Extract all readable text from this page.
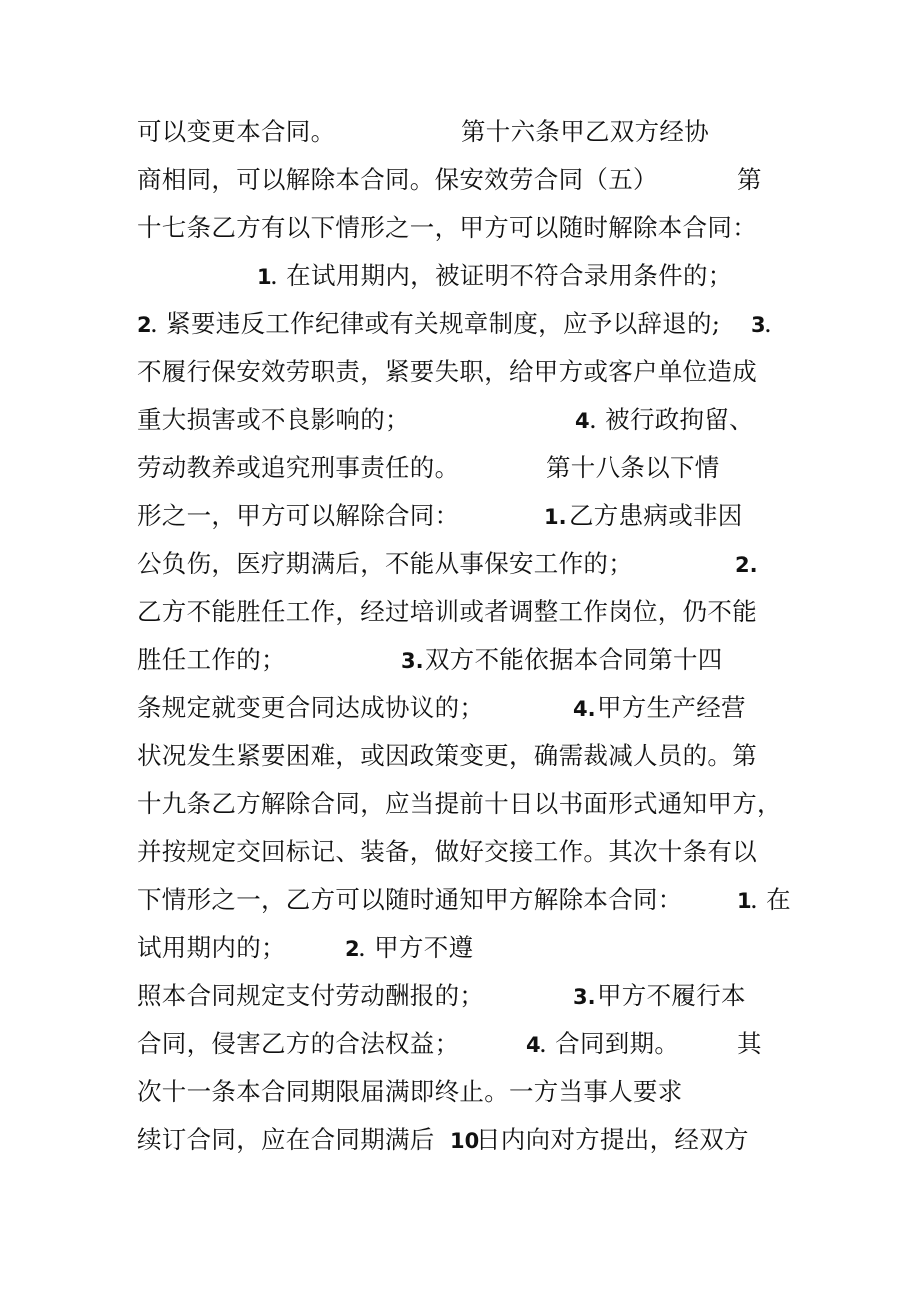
可以变更本合同。	第十六条甲乙双方经协
商相同，可以解除本合同。保安效劳合同（五）	第
十七条乙方有以下情形之一，甲方可以随时解除本合同：
1
. 在试用期内，被证明不符合录用条件的；
2
. 紧要违反工作纪律或有关规章制度，应予以辞退的; 3
.
不履行保安效劳职责，紧要失职，给甲方或客户单位造成
重大损害或不良影响的；	4 . 被行政拘留、
劳动教养或追究刑事责任的。	第十八条以下情
形之一，甲方可以解除合同：	1. 乙方患病或非因
公负伤，医疗期满后，不能从事保安工作的；	2.
乙方不能胜任工作，经过培训或者调整工作岗位，仍不能
胜任工作的；	3. 双方不能依据本合同第十四
条规定就变更合同达成协议的；	4. 甲方生产经营
状况发生紧要困难，或因政策变更，确需裁减人员的。第
十九条乙方解除合同，应当提前十日以书面形式通知甲方，
并按规定交回标记、装备，做好交接工作。其次十条有以
下情形之一，乙方可以随时通知甲方解除本合同：	1
. 在
试用期内的；	2
. 甲方不遵
照本合同规定支付劳动酬报的；	3. 甲方不履行本
合同，侵害乙方的合法权益；	4
. 合同到期。 其
次十一条本合同期限届满即终止。一方当事人要求
续订合同，应在合同期满后 10
日内向对方提出，经双方
